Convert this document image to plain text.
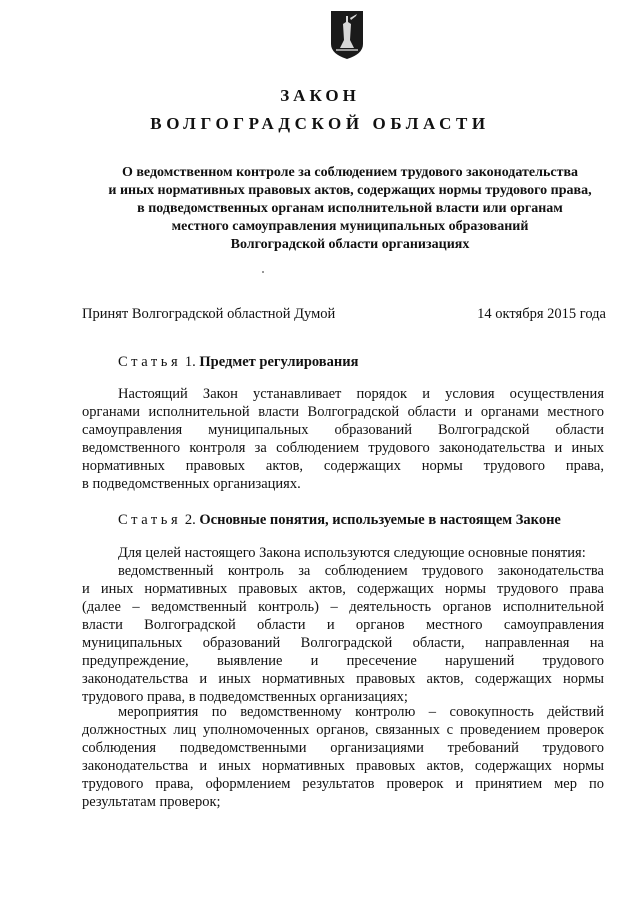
ЗАКОН
ВОЛГОГРАДСКОЙ ОБЛАСТИ
О ведомственном контроле за соблюдением трудового законодательства
и иных нормативных правовых актов, содержащих нормы трудового права,
в подведомственных органам исполнительной власти или органам
местного самоуправления муниципальных образований
Волгоградской области организациях
Принят Волгоградской областной Думой	14 октября 2015 года
Статья 1. Предмет регулирования
Настоящий Закон устанавливает порядок и условия осуществления
органами исполнительной власти Волгоградской области и органами местного
самоуправления муниципальных образований Волгоградской области
ведомственного контроля за соблюдением трудового законодательства и иных
нормативных правовых актов, содержащих нормы трудового права,
в подведомственных организациях.
Статья 2. Основные понятия, используемые в настоящем Законе
Для целей настоящего Закона используются следующие основные понятия:
ведомственный контроль за соблюдением трудового законодательства
и иных нормативных правовых актов, содержащих нормы трудового права
(далее – ведомственный контроль) – деятельность органов исполнительной
власти Волгоградской области и органов местного самоуправления
муниципальных образований Волгоградской области, направленная на
предупреждение, выявление и пресечение нарушений трудового
законодательства и иных нормативных правовых актов, содержащих нормы
трудового права, в подведомственных организациях;
мероприятия по ведомственному контролю – совокупность действий
должностных лиц уполномоченных органов, связанных с проведением проверок
соблюдения подведомственными организациями требований трудового
законодательства и иных нормативных правовых актов, содержащих нормы
трудового права, оформлением результатов проверок и принятием мер по
результатам проверок;
